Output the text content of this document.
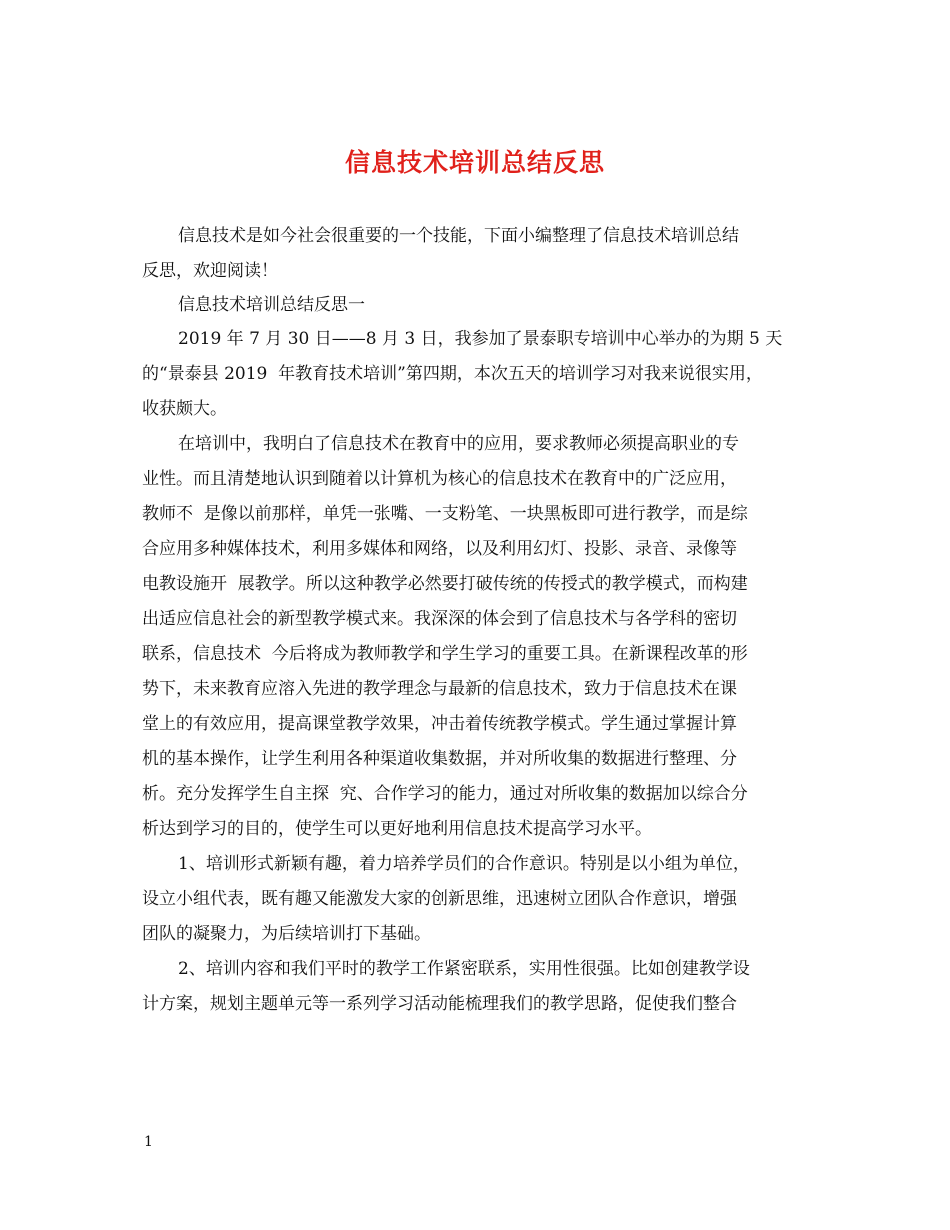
信息技术培训总结反思
信息技术是如今社会很重要的一个技能，下面小编整理了信息技术培训总结
反思，欢迎阅读！
信息技术培训总结反思一
2019 年 7 月 30 日——8 月 3 日，我参加了景泰职专培训中心举办的为期 5 天
的“景泰县 2019  年教育技术培训”第四期，本次五天的培训学习对我来说很实用，
收获颇大。
在培训中，我明白了信息技术在教育中的应用，要求教师必须提高职业的专
业性。而且清楚地认识到随着以计算机为核心的信息技术在教育中的广泛应用，
教师不  是像以前那样，单凭一张嘴、一支粉笔、一块黑板即可进行教学，而是综
合应用多种媒体技术，利用多媒体和网络，以及利用幻灯、投影、录音、录像等
电教设施开  展教学。所以这种教学必然要打破传统的传授式的教学模式，而构建
出适应信息社会的新型教学模式来。我深深的体会到了信息技术与各学科的密切
联系，信息技术  今后将成为教师教学和学生学习的重要工具。在新课程改革的形
势下，未来教育应溶入先进的教学理念与最新的信息技术，致力于信息技术在课
堂上的有效应用，提高课堂教学效果，冲击着传统教学模式。学生通过掌握计算
机的基本操作，让学生利用各种渠道收集数据，并对所收集的数据进行整理、分
析。充分发挥学生自主探  究、合作学习的能力，通过对所收集的数据加以综合分
析达到学习的目的，使学生可以更好地利用信息技术提高学习水平。
1、培训形式新颖有趣，着力培养学员们的合作意识。特别是以小组为单位，
设立小组代表，既有趣又能激发大家的创新思维，迅速树立团队合作意识，增强
团队的凝聚力，为后续培训打下基础。
2、培训内容和我们平时的教学工作紧密联系，实用性很强。比如创建教学设
计方案，规划主题单元等一系列学习活动能梳理我们的教学思路，促使我们整合
1
